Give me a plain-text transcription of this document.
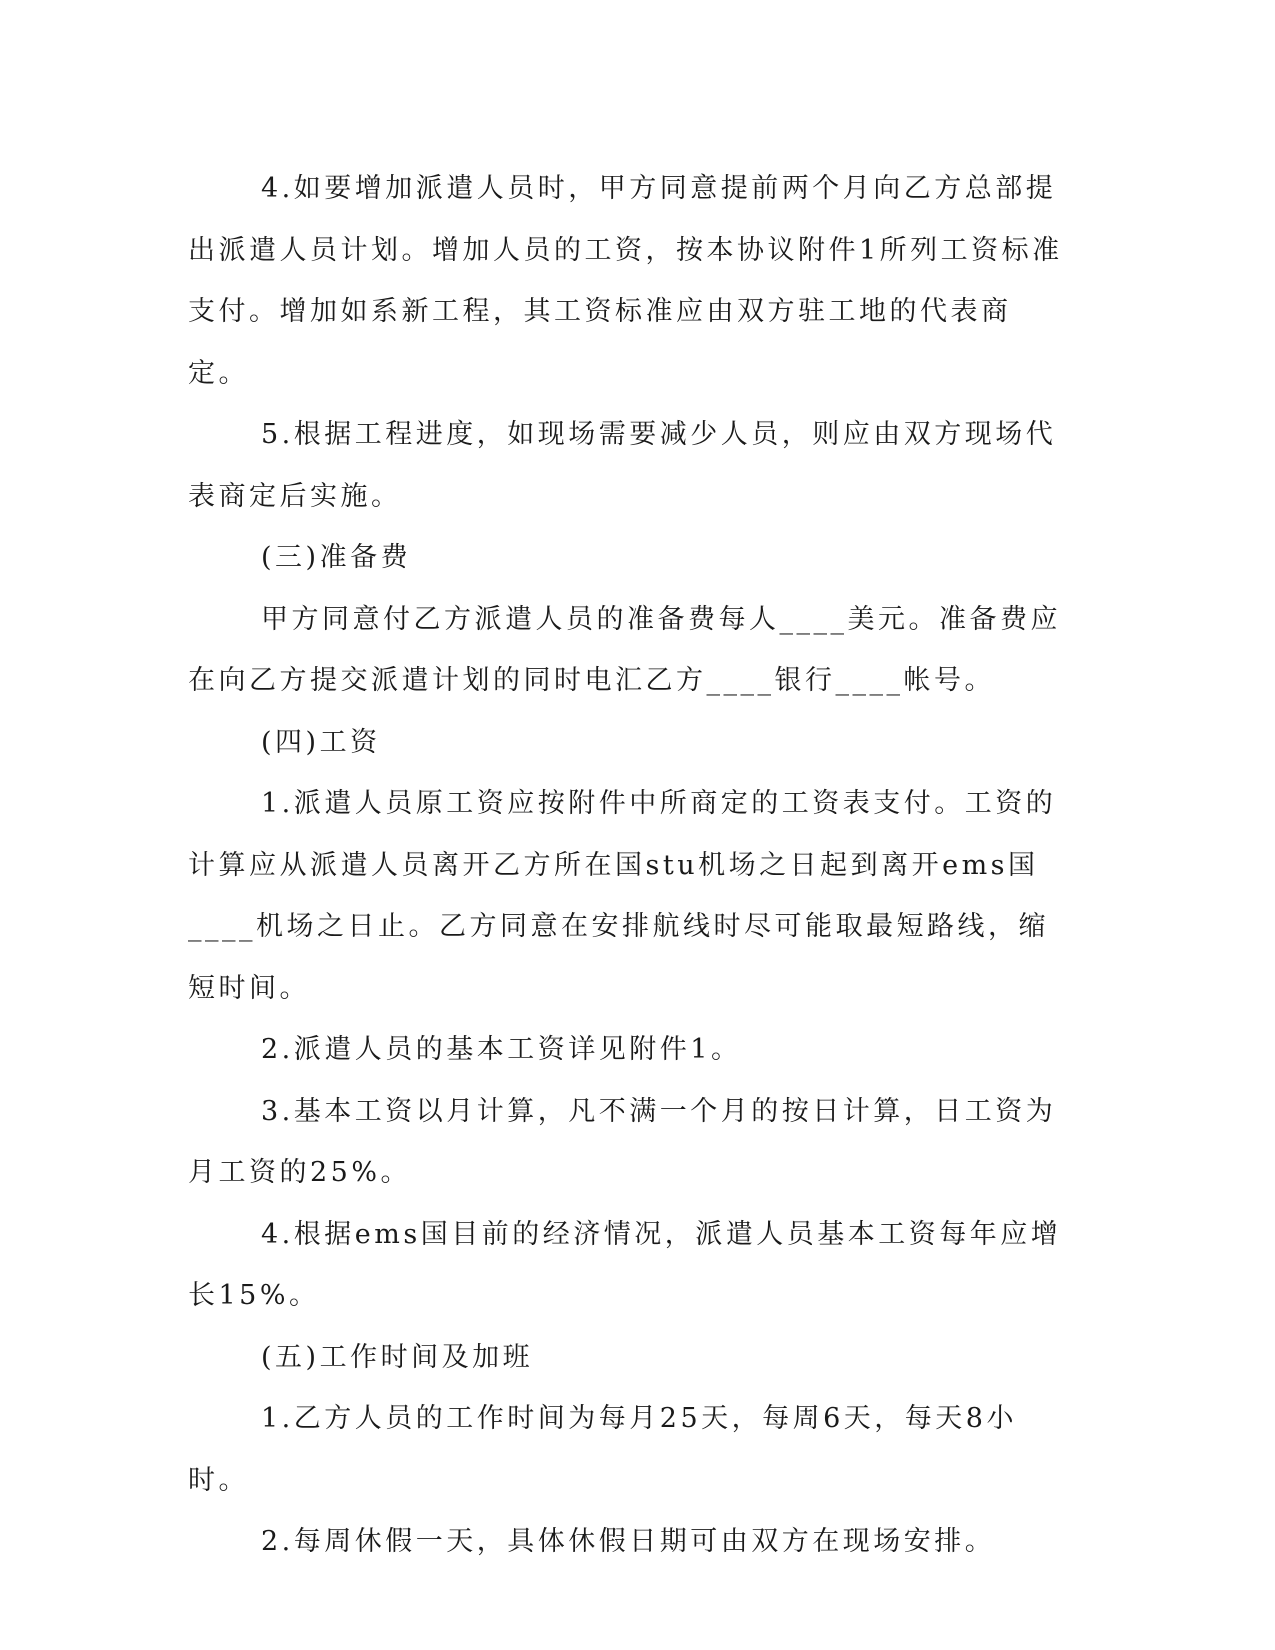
4.如要增加派遣人员时，甲方同意提前两个月向乙方总部提出派遣人员计划。增加人员的工资，按本协议附件1所列工资标准支付。增加如系新工程，其工资标准应由双方驻工地的代表商定。

5.根据工程进度，如现场需要减少人员，则应由双方现场代表商定后实施。

(三)准备费

甲方同意付乙方派遣人员的准备费每人____美元。准备费应在向乙方提交派遣计划的同时电汇乙方____银行____帐号。

(四)工资

1.派遣人员原工资应按附件中所商定的工资表支付。工资的计算应从派遣人员离开乙方所在国stu机场之日起到离开ems国____机场之日止。乙方同意在安排航线时尽可能取最短路线，缩短时间。

2.派遣人员的基本工资详见附件1。

3.基本工资以月计算，凡不满一个月的按日计算，日工资为月工资的25%。

4.根据ems国目前的经济情况，派遣人员基本工资每年应增长15%。

(五)工作时间及加班

1.乙方人员的工作时间为每月25天，每周6天，每天8小时。

2.每周休假一天，具体休假日期可由双方在现场安排。
